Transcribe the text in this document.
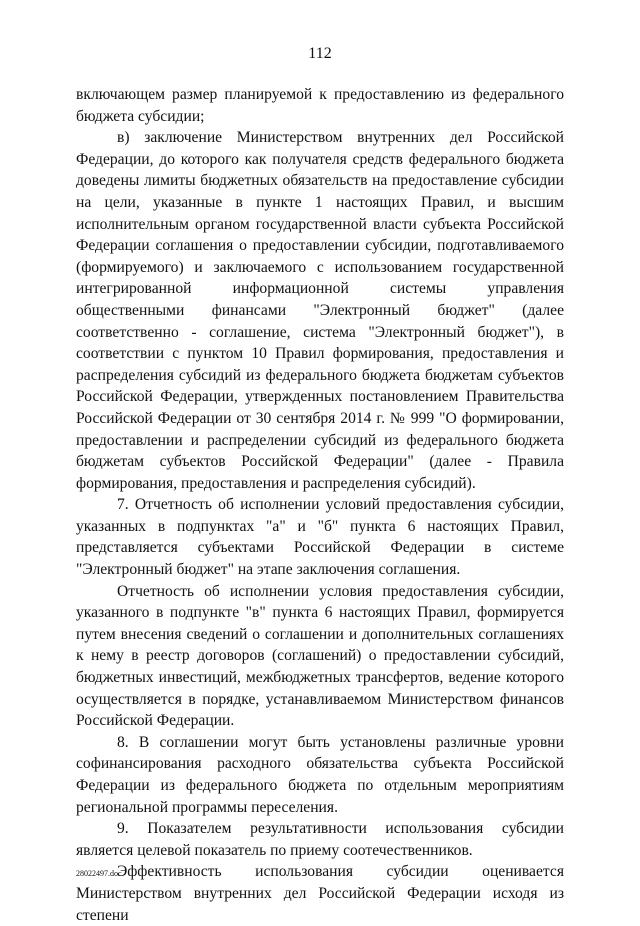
112

включающем размер планируемой к предоставлению из федерального бюджета субсидии;

в) заключение Министерством внутренних дел Российской Федерации, до которого как получателя средств федерального бюджета доведены лимиты бюджетных обязательств на предоставление субсидии на цели, указанные в пункте 1 настоящих Правил, и высшим исполнительным органом государственной власти субъекта Российской Федерации соглашения о предоставлении субсидии, подготавливаемого (формируемого) и заключаемого с использованием государственной интегрированной информационной системы управления общественными финансами "Электронный бюджет" (далее соответственно - соглашение, система "Электронный бюджет"), в соответствии с пунктом 10 Правил формирования, предоставления и распределения субсидий из федерального бюджета бюджетам субъектов Российской Федерации, утвержденных постановлением Правительства Российской Федерации от 30 сентября 2014 г. № 999 "О формировании, предоставлении и распределении субсидий из федерального бюджета бюджетам субъектов Российской Федерации" (далее - Правила формирования, предоставления и распределения субсидий).

7. Отчетность об исполнении условий предоставления субсидии, указанных в подпунктах "а" и "б" пункта 6 настоящих Правил, представляется субъектами Российской Федерации в системе "Электронный бюджет" на этапе заключения соглашения.

Отчетность об исполнении условия предоставления субсидии, указанного в подпункте "в" пункта 6 настоящих Правил, формируется путем внесения сведений о соглашении и дополнительных соглашениях к нему в реестр договоров (соглашений) о предоставлении субсидий, бюджетных инвестиций, межбюджетных трансфертов, ведение которого осуществляется в порядке, устанавливаемом Министерством финансов Российской Федерации.

8. В соглашении могут быть установлены различные уровни софинансирования расходного обязательства субъекта Российской Федерации из федерального бюджета по отдельным мероприятиям региональной программы переселения.

9. Показателем результативности использования субсидии является целевой показатель по приему соотечественников.

Эффективность использования субсидии оценивается Министерством внутренних дел Российской Федерации исходя из степени

28022497.doc
